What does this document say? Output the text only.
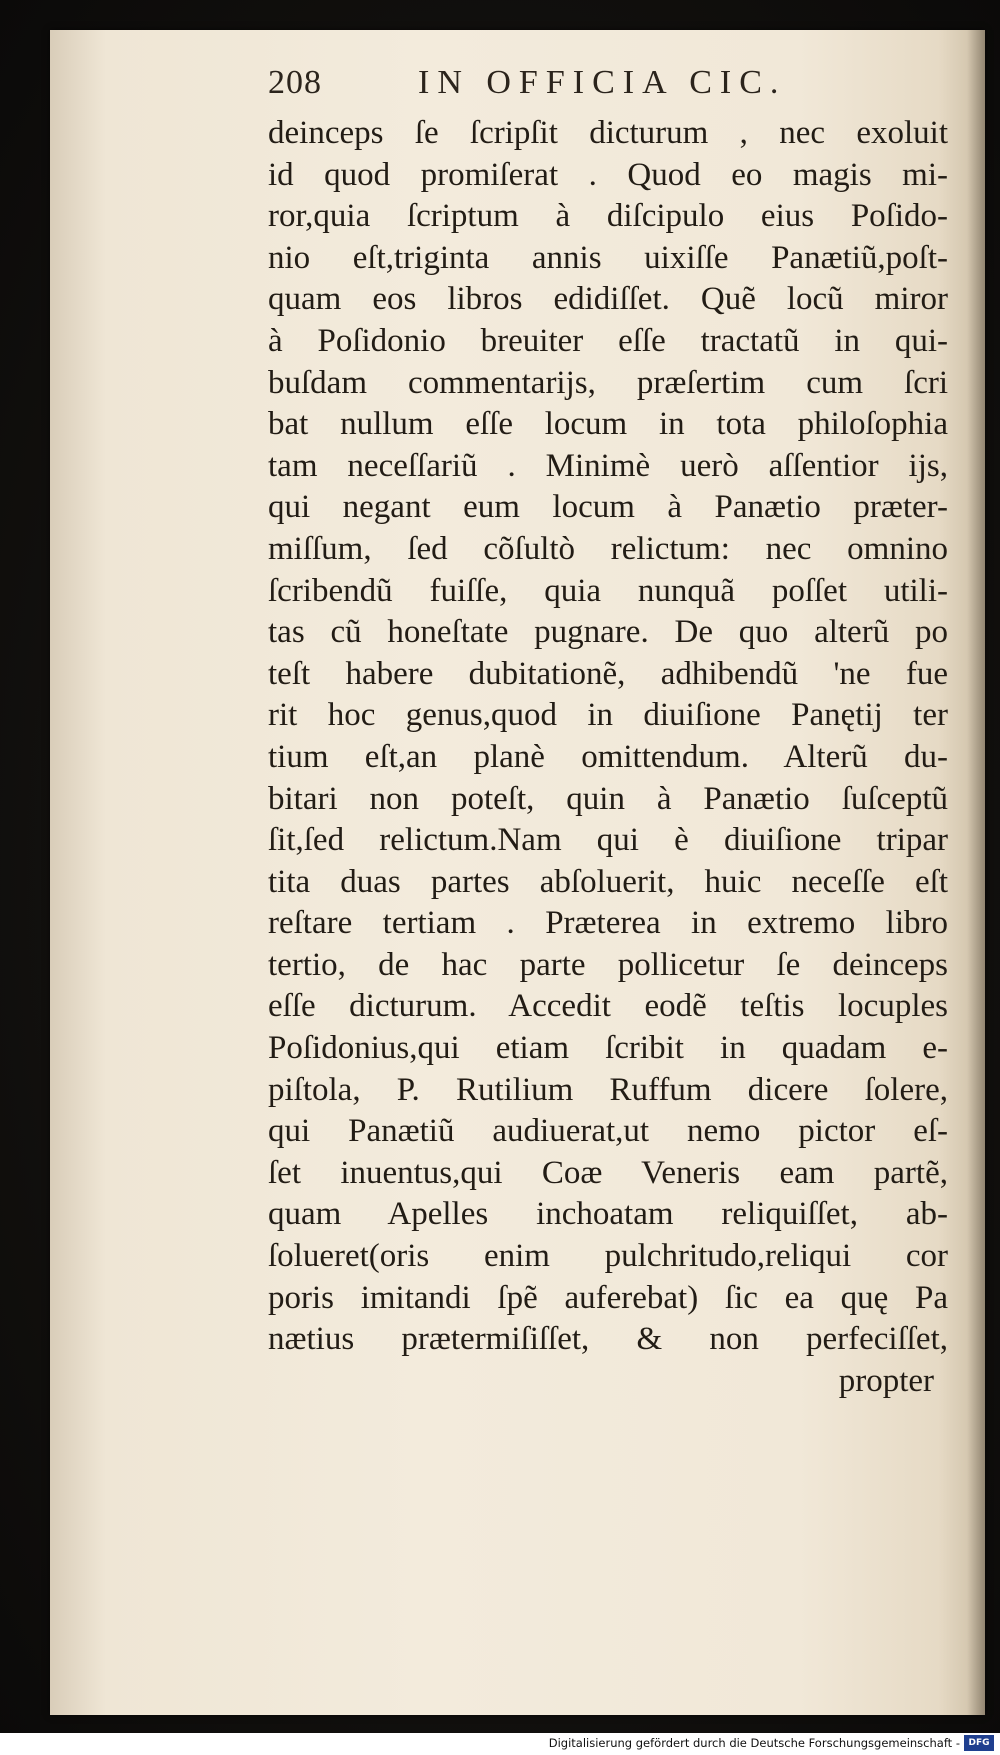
208	IN OFFICIA CIC.
deinceps ſe ſcripſit dicturum , nec exoluit
id quod promiſerat . Quod eo magis mi-
ror,quia ſcriptum à diſcipulo eius Poſido-
nio eſt,triginta annis uixiſſe Panætiũ,poſt-
quam eos libros edidiſſet. Quẽ locũ miror
à Poſidonio breuiter eſſe tractatũ in qui-
buſdam commentarijs, præſertim cum ſcri
bat nullum eſſe locum in tota philoſophia
tam neceſſariũ . Minimè uerò aſſentior ijs,
qui negant eum locum à Panætio præter-
miſſum, ſed cõſultò relictum: nec omnino
ſcribendũ fuiſſe, quia nunquã poſſet utili-
tas cũ honeſtate pugnare. De quo alterũ po
teſt habere dubitationẽ, adhibendũ 'ne fue
rit hoc genus,quod in diuiſione Panętij ter
tium eſt,an planè omittendum. Alterũ du-
bitari non poteſt, quin à Panætio ſuſceptũ
ſit,ſed relictum.Nam qui è diuiſione tripar
tita duas partes abſoluerit, huic neceſſe eſt
reſtare tertiam . Præterea in extremo libro
tertio, de hac parte pollicetur ſe deinceps
eſſe dicturum. Accedit eodẽ teſtis locuples
Poſidonius,qui etiam ſcribit in quadam e-
piſtola, P. Rutilium Ruffum dicere ſolere,
qui Panætiũ audiuerat,ut nemo pictor eſ-
ſet inuentus,qui Coæ Veneris eam partẽ,
quam Apelles inchoatam reliquiſſet, ab-
ſolueret(oris enim pulchritudo,reliqui cor
poris imitandi ſpẽ auferebat) ſic ea quę Pa
nætius prætermiſiſſet, & non perfeciſſet,
propter
Digitalisierung gefördert durch die Deutsche Forschungsgemeinschaft - DFG
